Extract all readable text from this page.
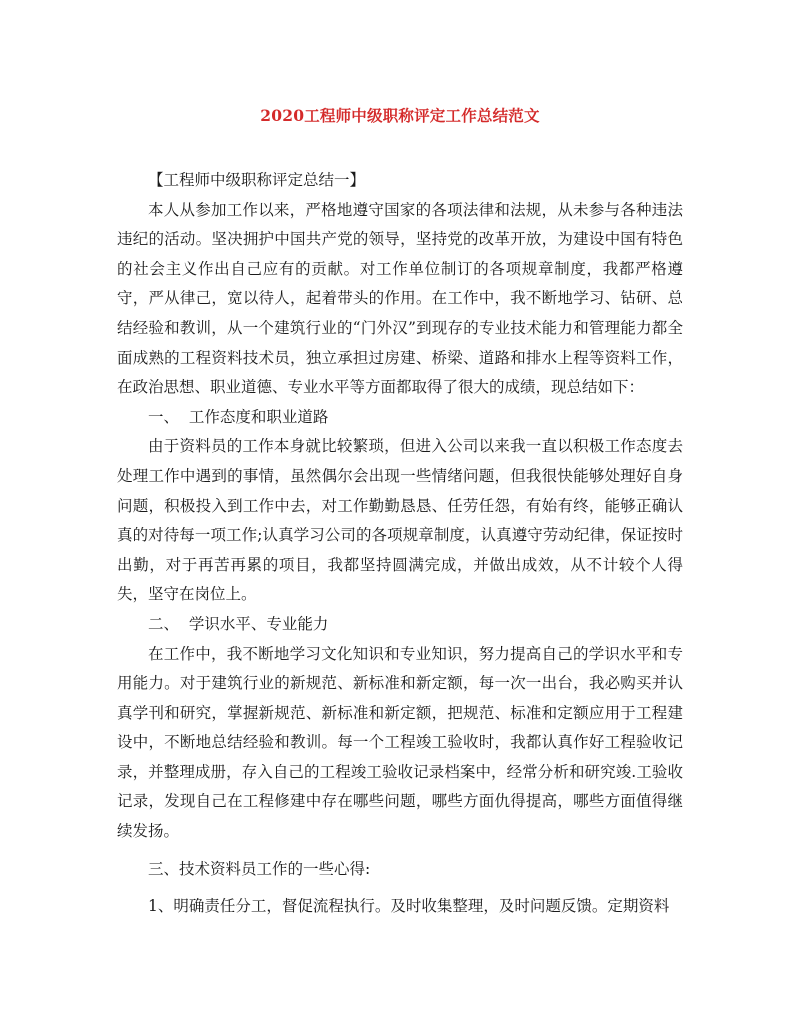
2020工程师中级职称评定工作总结范文

【工程师中级职称评定总结一】

本人从参加工作以来，严格地遵守国家的各项法律和法规，从未参与各种违法违纪的活动。坚决拥护中国共产党的领导，坚持党的改革开放，为建设中国有特色的社会主义作出自己应有的贡献。对工作单位制订的各项规章制度，我都严格遵守，严从律己，宽以待人，起着带头的作用。在工作中，我不断地学习、钻研、总结经验和教训，从一个建筑行业的“门外汉”到现存的专业技术能力和管理能力都全面成熟的工程资料技术员，独立承担过房建、桥梁、道路和排水上程等资料工作，在政治思想、职业道德、专业水平等方面都取得了很大的成绩，现总结如下：

一、  工作态度和职业道路

由于资料员的工作本身就比较繁琐，但进入公司以来我一直以积极工作态度去处理工作中遇到的事情，虽然偶尔会出现一些情绪问题，但我很快能够处理好自身问题，积极投入到工作中去，对工作勤勤恳恳、任劳任怨，有始有终，能够正确认真的对待每一项工作;认真学习公司的各项规章制度，认真遵守劳动纪律，保证按时出勤，对于再苦再累的项目，我都坚持圆满完成，并做出成效，从不计较个人得失，坚守在岗位上。

二、  学识水平、专业能力

在工作中，我不断地学习文化知识和专业知识，努力提高自己的学识水平和专用能力。对于建筑行业的新规范、新标准和新定额，每一次一出台，我必购买并认真学刊和研究，掌握新规范、新标准和新定额，把规范、标准和定额应用于工程建设中，不断地总结经验和教训。每一个工程竣工验收时，我都认真作好工程验收记录，并整理成册，存入自己的工程竣工验收记录档案中，经常分析和研究竣.工验收记录，发现自己在工程修建中存在哪些问题，哪些方面仇得提高，哪些方面值得继续发扬。

三、技术资料员工作的一些心得:

1、明确责任分工，督促流程执行。及时收集整理，及时问题反馈。定期资料
